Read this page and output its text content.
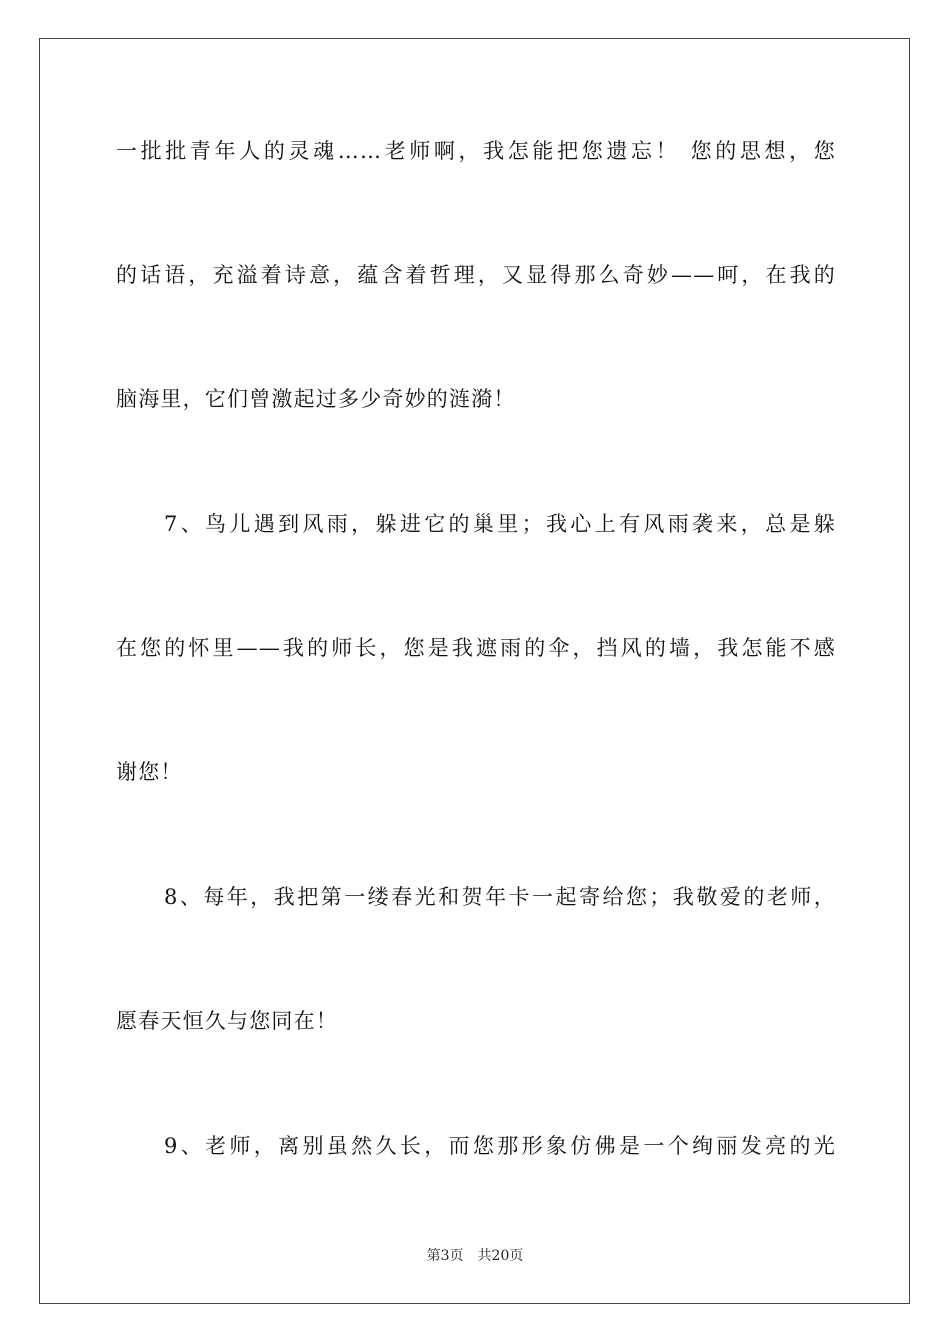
一批批青年人的灵魂……老师啊，我怎能把您遗忘！ 您的思想，您
的话语，充溢着诗意，蕴含着哲理，又显得那么奇妙——呵，在我的
脑海里，它们曾激起过多少奇妙的涟漪！
7、鸟儿遇到风雨，躲进它的巢里；我心上有风雨袭来，总是躲
在您的怀里——我的师长，您是我遮雨的伞，挡风的墙，我怎能不感
谢您！
8、每年，我把第一缕春光和贺年卡一起寄给您；我敬爱的老师，
愿春天恒久与您同在！
9、老师，离别虽然久长，而您那形象仿佛是一个绚丽发亮的光
第3页 共20页
